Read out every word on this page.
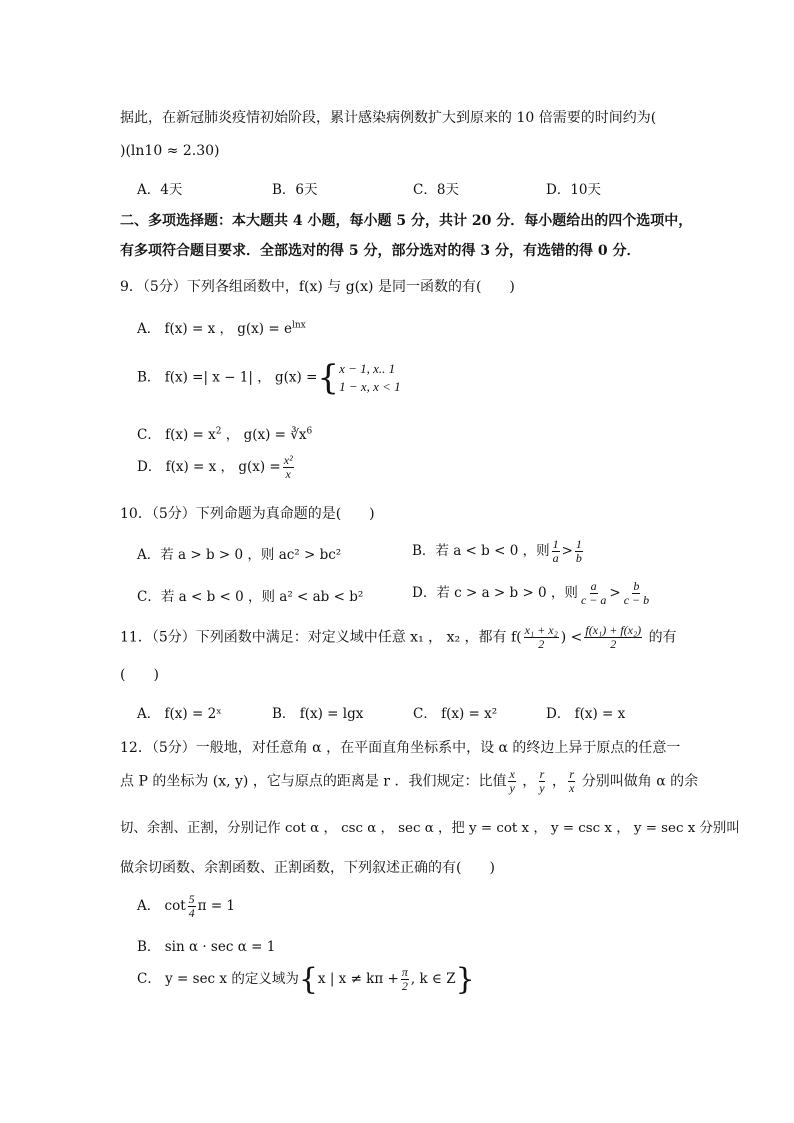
据此，在新冠肺炎疫情初始阶段，累计感染病例数扩大到原来的 10 倍需要的时间约为(
)(ln10 ≈ 2.30)
A．4天	B．6天	C．8天	D．10天
二、多项选择题：本大题共 4 小题，每小题 5 分，共计 20 分．每小题给出的四个选项中，
有多项符合题目要求．全部选对的得 5 分，部分选对的得 3 分，有选错的得 0 分．
9．（5分）下列各组函数中，f(x) 与 g(x) 是同一函数的有(　　)
A． f(x) = x ， $g(x) = e^{lnx}$
B． f(x) =| x − 1| ， g(x) ={ x − 1, x.. 1
1 − x, x < 1
C． $f(x) = x^2$ ， $g(x) = ∛x^6$
D． f(x) = x ， $g(x) = \frac{\text{x²}}{x}$
10．（5分）下列命题为真命题的是(　　)
A．若 a > b > 0 ，则 ac² > bc²	B．若 a < b < 0 ，则 $\frac{1}{a} > \frac{1}{b}$
C．若 a < b < 0 ，则 a² < ab < b²	D．若 c > a > b > 0 ，则 $\frac{a}{c - a} > \frac{b}{c - b}$
11．（5分）下列函数中满足：对定义域中任意 x₁ ， x₂ ，都有 $f( \frac{\text{x₁ + x₂}}{2}$ ) < $\frac{\text{f(x₁) + f(x₂)}}{2}$ 的有
(　　)
A． f(x) = 2ˣ	B． f(x) = lgx	C． f(x) = x²	D． f(x) = x
12．（5分）一般地，对任意角 α ，在平面直角坐标系中，设 α 的终边上异于原点的任意一
点 P 的坐标为 (x, y) ，它与原点的距离是 r ．我们规定：比值 $\frac{x}{y}$ ， $\frac{r}{y}$ ， $\frac{r}{x}$ 分别叫做角 α 的余
切、余割、正割，分别记作 cot α ， csc α ， sec α ，把 y = cot x ， y = csc x ， y = sec x 分别叫
做余切函数、余割函数、正割函数，下列叙述正确的有(　　)
A． $\cot \frac{5}{4}$ π = 1
B． sin α · sec α = 1
C． y = sec x 的定义域为{x | $x \ne k\pi + \frac{\pi}{2}$ , k ∈ Z}
